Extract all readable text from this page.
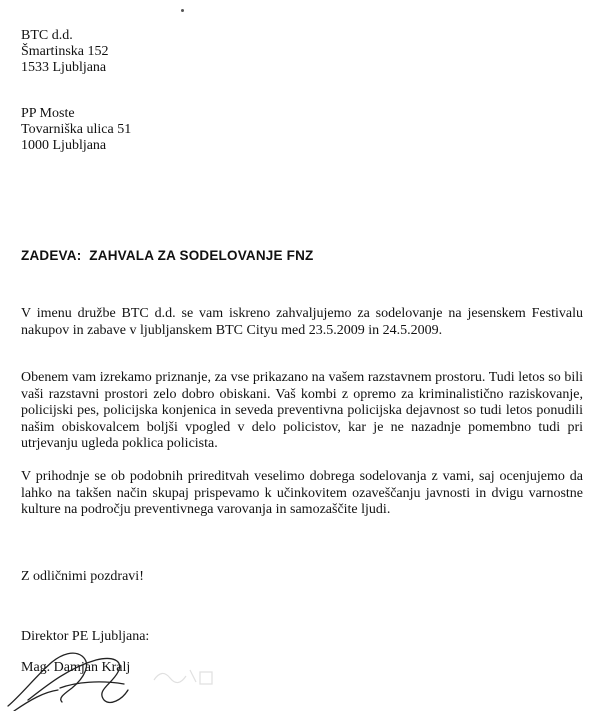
BTC d.d.
Šmartinska 152
1533 Ljubljana
PP Moste
Tovarniška ulica 51
1000 Ljubljana
ZADEVA:  ZAHVALA ZA SODELOVANJE FNZ

V imenu družbe BTC d.d. se vam iskreno zahvaljujemo za sodelovanje na jesenskem Festivalu nakupov in zabave v ljubljanskem BTC Cityu med 23.5.2009 in 24.5.2009.

Obenem vam izrekamo priznanje, za vse prikazano na vašem razstavnem prostoru. Tudi letos so bili vaši razstavni prostori zelo dobro obiskani. Vaš kombi z opremo za kriminalistično raziskovanje, policijski pes, policijska konjenica in seveda preventivna policijska dejavnost so tudi letos ponudili našim obiskovalcem boljši vpogled v delo policistov, kar je ne nazadnje pomembno tudi pri utrjevanju ugleda poklica policista.

V prihodnje se ob podobnih prireditvah veselimo dobrega sodelovanja z vami, saj ocenjujemo da lahko na takšen način skupaj prispevamo k učinkovitem ozaveščanju javnosti in dvigu varnostne kulture na področju preventivnega varovanja in samozaščite ljudi.

Z odličnimi pozdravi!
Direktor PE Ljubljana:
Mag. Damjan Kralj
